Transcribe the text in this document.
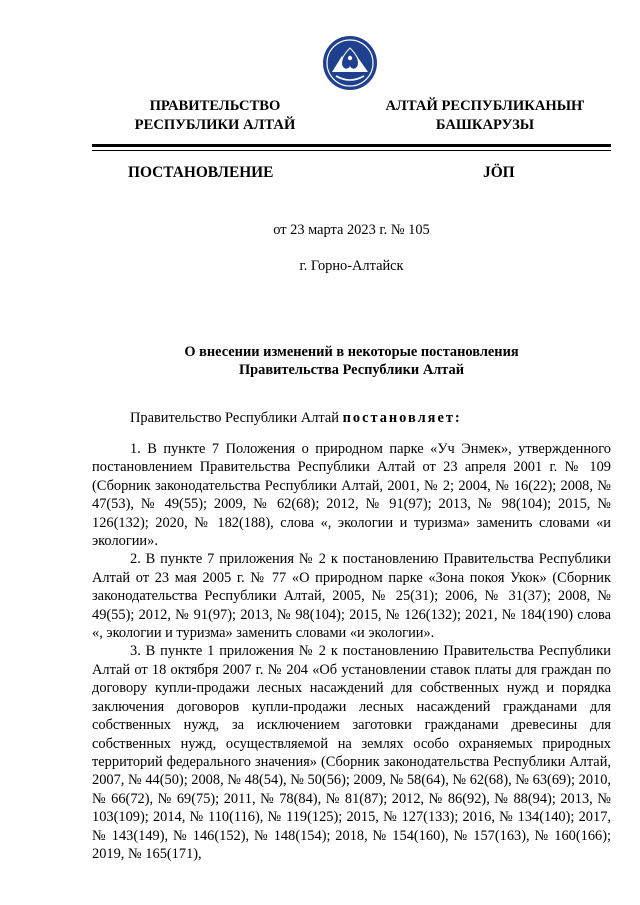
ПРАВИТЕЛЬСТВО
РЕСПУБЛИКИ АЛТАЙ
АЛТАЙ РЕСПУБЛИКАНЫҤ
БАШКАРУЗЫ
ПОСТАНОВЛЕНИЕ	JÖП
от 23 марта 2023 г. № 105
г. Горно-Алтайск
О внесении изменений в некоторые постановления
Правительства Республики Алтай
Правительство Республики Алтай постановляет:

1. В пункте 7 Положения о природном парке «Уч Энмек», утвержденного постановлением Правительства Республики Алтай от 23 апреля 2001 г. № 109 (Сборник законодательства Республики Алтай, 2001, № 2; 2004, № 16(22); 2008, № 47(53), № 49(55); 2009, № 62(68); 2012, № 91(97); 2013, № 98(104); 2015, № 126(132); 2020, № 182(188), слова «, экологии и туризма» заменить словами «и экологии».

2. В пункте 7 приложения № 2 к постановлению Правительства Республики Алтай от 23 мая 2005 г. № 77 «О природном парке «Зона покоя Укок» (Сборник законодательства Республики Алтай, 2005, № 25(31); 2006, № 31(37); 2008, № 49(55); 2012, № 91(97); 2013, № 98(104); 2015, № 126(132); 2021, № 184(190) слова «, экологии и туризма» заменить словами «и экологии».

3. В пункте 1 приложения № 2 к постановлению Правительства Республики Алтай от 18 октября 2007 г. № 204 «Об установлении ставок платы для граждан по договору купли-продажи лесных насаждений для собственных нужд и порядка заключения договоров купли-продажи лесных насаждений гражданами для собственных нужд, за исключением заготовки гражданами древесины для собственных нужд, осуществляемой на землях особо охраняемых природных территорий федерального значения» (Сборник законодательства Республики Алтай, 2007, № 44(50); 2008, № 48(54), № 50(56); 2009, № 58(64), № 62(68), № 63(69); 2010, № 66(72), № 69(75); 2011, № 78(84), № 81(87); 2012, № 86(92), № 88(94); 2013, № 103(109); 2014, № 110(116), № 119(125); 2015, № 127(133); 2016, № 134(140); 2017, № 143(149), № 146(152), № 148(154); 2018, № 154(160), № 157(163), № 160(166); 2019, № 165(171),
